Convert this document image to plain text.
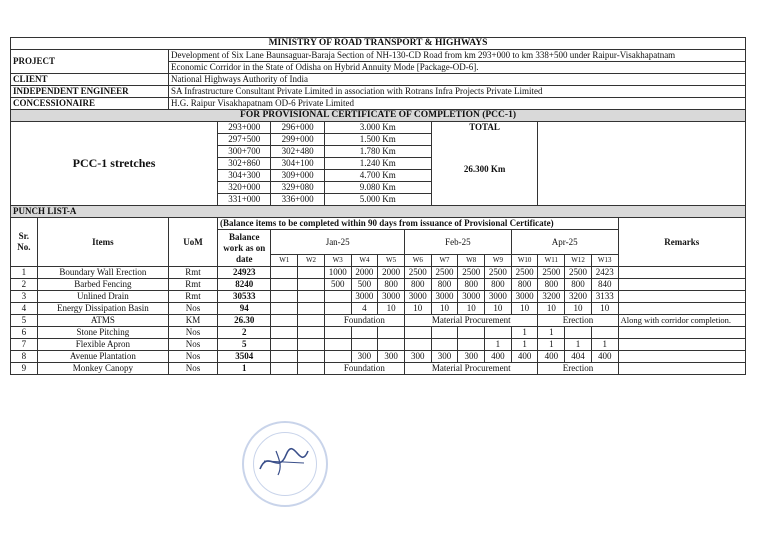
MINISTRY OF ROAD TRANSPORT & HIGHWAYS																	
PROJECT		Development of Six Lane Baunsaguar-Baraja Section of NH-130-CD Road from km 293+000 to km 338+500 under Raipur-Visakhapatnam															
		Economic Corridor in the State of Odisha on Hybrid Annuity Mode [Package-OD-6].															
CLIENT		National Highways Authority of India															
INDEPENDENT ENGINEER		SA Infrastructure Consultant Private Limited in association with Rotrans Infra Projects Private Limited															
CONCESSIONAIRE		H.G. Raipur Visakhapatnam OD-6 Private Limited															
FOR PROVISIONAL CERTIFICATE OF COMPLETION (PCC-1)																	
PCC-1 stretches			293+000	296+000		3.000 Km				TOTAL							
			297+500	299+000		1.500 Km				26.300 Km							
			300+700	302+480		1.780 Km											
			302+860	304+100		1.240 Km											
			304+300	309+000		4.700 Km											
			320+000	329+080		9.080 Km											
			331+000	336+000		5.000 Km											
PUNCH LIST-A																	
Sr. No.	Items	UoM	(Balance items to be completed within 90 days from issuance of Provisional Certificate)														Remarks
			Balance work as on date	Jan-25					Feb-25				Apr-25				
				W1	W2	W3	W4	W5	W6	W7	W8	W9	W10	W11	W12	W13	
1	Boundary Wall Erection	Rmt	24923			1000	2000	2000	2500	2500	2500	2500	2500	2500	2500	2423	
2	Barbed Fencing	Rmt	8240			500	500	800	800	800	800	800	800	800	800	840	
3	Unlined Drain	Rmt	30533				3000	3000	3000	3000	3000	3000	3000	3200	3200	3133	
4	Energy Dissipation Basin	Nos	94				4	10	10	10	10	10	10	10	10	10	
5	ATMS	KM	26.30			Foundation			Material Procurement					Erection			Along with corridor completion.
6	Stone Pitching	Nos	2										1	1			
7	Flexible Apron	Nos	5									1	1	1	1	1	
8	Avenue Plantation	Nos	3504				300	300	300	300	300	400	400	400	404	400	
9	Monkey Canopy	Nos	1			Foundation			Material Procurement					Erection			
